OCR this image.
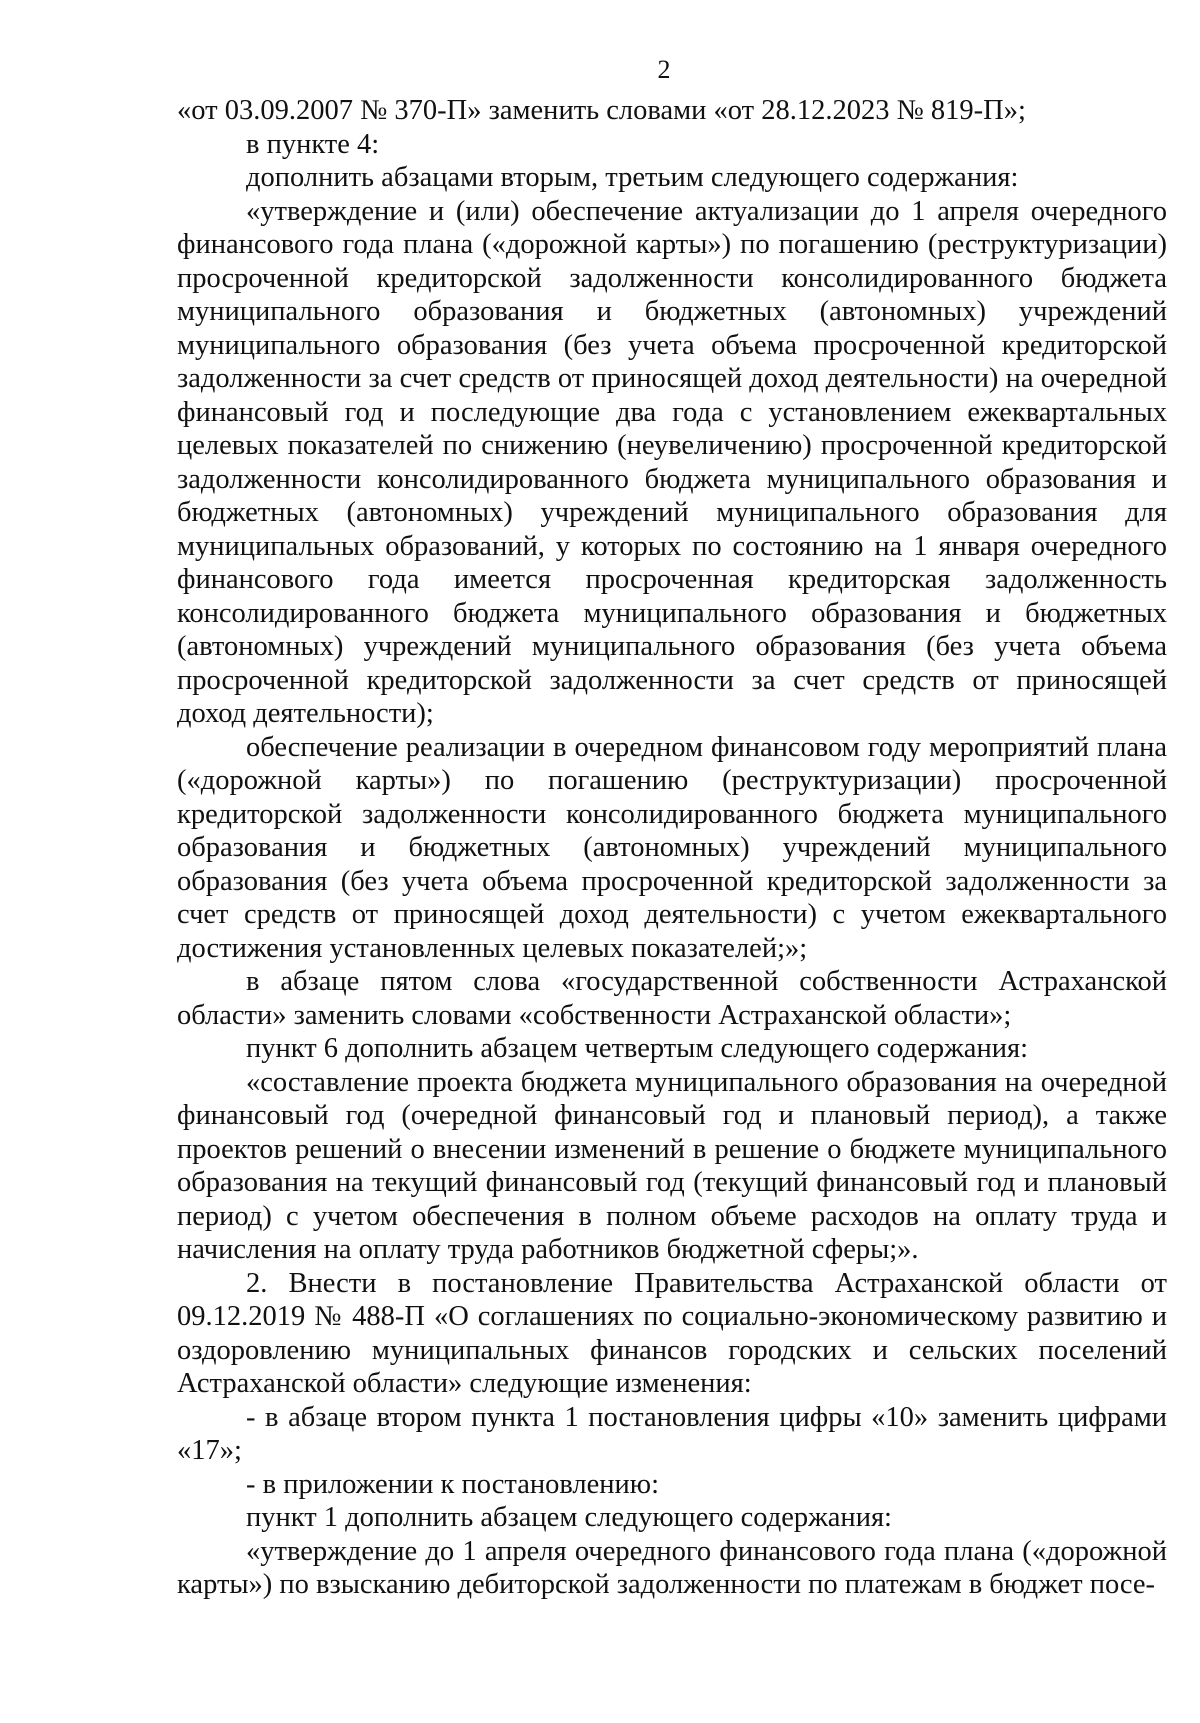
2

«от 03.09.2007 № 370-П» заменить словами «от 28.12.2023 № 819-П»;

в пункте 4:

дополнить абзацами вторым, третьим следующего содержания:

«утверждение и (или) обеспечение актуализации до 1 апреля очередного финансового года плана («дорожной карты») по погашению (реструктуризации) просроченной кредиторской задолженности консолидированного бюджета муниципального образования и бюджетных (автономных) учреждений муниципального образования (без учета объема просроченной кредиторской задолженности за счет средств от приносящей доход деятельности) на очередной финансовый год и последующие два года с установлением ежеквартальных целевых показателей по снижению (неувеличению) просроченной кредиторской задолженности консолидированного бюджета муниципального образования и бюджетных (автономных) учреждений муниципального образования для муниципальных образований, у которых по состоянию на 1 января очередного финансового года имеется просроченная кредиторская задолженность консолидированного бюджета муниципального образования и бюджетных (автономных) учреждений муниципального образования (без учета объема просроченной кредиторской задолженности за счет средств от приносящей доход деятельности);

обеспечение реализации в очередном финансовом году мероприятий плана («дорожной карты») по погашению (реструктуризации) просроченной кредиторской задолженности консолидированного бюджета муниципального образования и бюджетных (автономных) учреждений муниципального образования (без учета объема просроченной кредиторской задолженности за счет средств от приносящей доход деятельности) с учетом ежеквартального достижения установленных целевых показателей;»;

в абзаце пятом слова «государственной собственности Астраханской области» заменить словами «собственности Астраханской области»;

пункт 6 дополнить абзацем четвертым следующего содержания:

«составление проекта бюджета муниципального образования на очередной финансовый год (очередной финансовый год и плановый период), а также проектов решений о внесении изменений в решение о бюджете муниципального образования на текущий финансовый год (текущий финансовый год и плановый период) с учетом обеспечения в полном объеме расходов на оплату труда и начисления на оплату труда работников бюджетной сферы;».

2. Внести в постановление Правительства Астраханской области от 09.12.2019 № 488-П «О соглашениях по социально-экономическому развитию и оздоровлению муниципальных финансов городских и сельских поселений Астраханской области» следующие изменения:

- в абзаце втором пункта 1 постановления цифры «10» заменить цифрами «17»;

- в приложении к постановлению:

пункт 1 дополнить абзацем следующего содержания:

«утверждение до 1 апреля очередного финансового года плана («дорожной карты») по взысканию дебиторской задолженности по платежам в бюджет посе-
